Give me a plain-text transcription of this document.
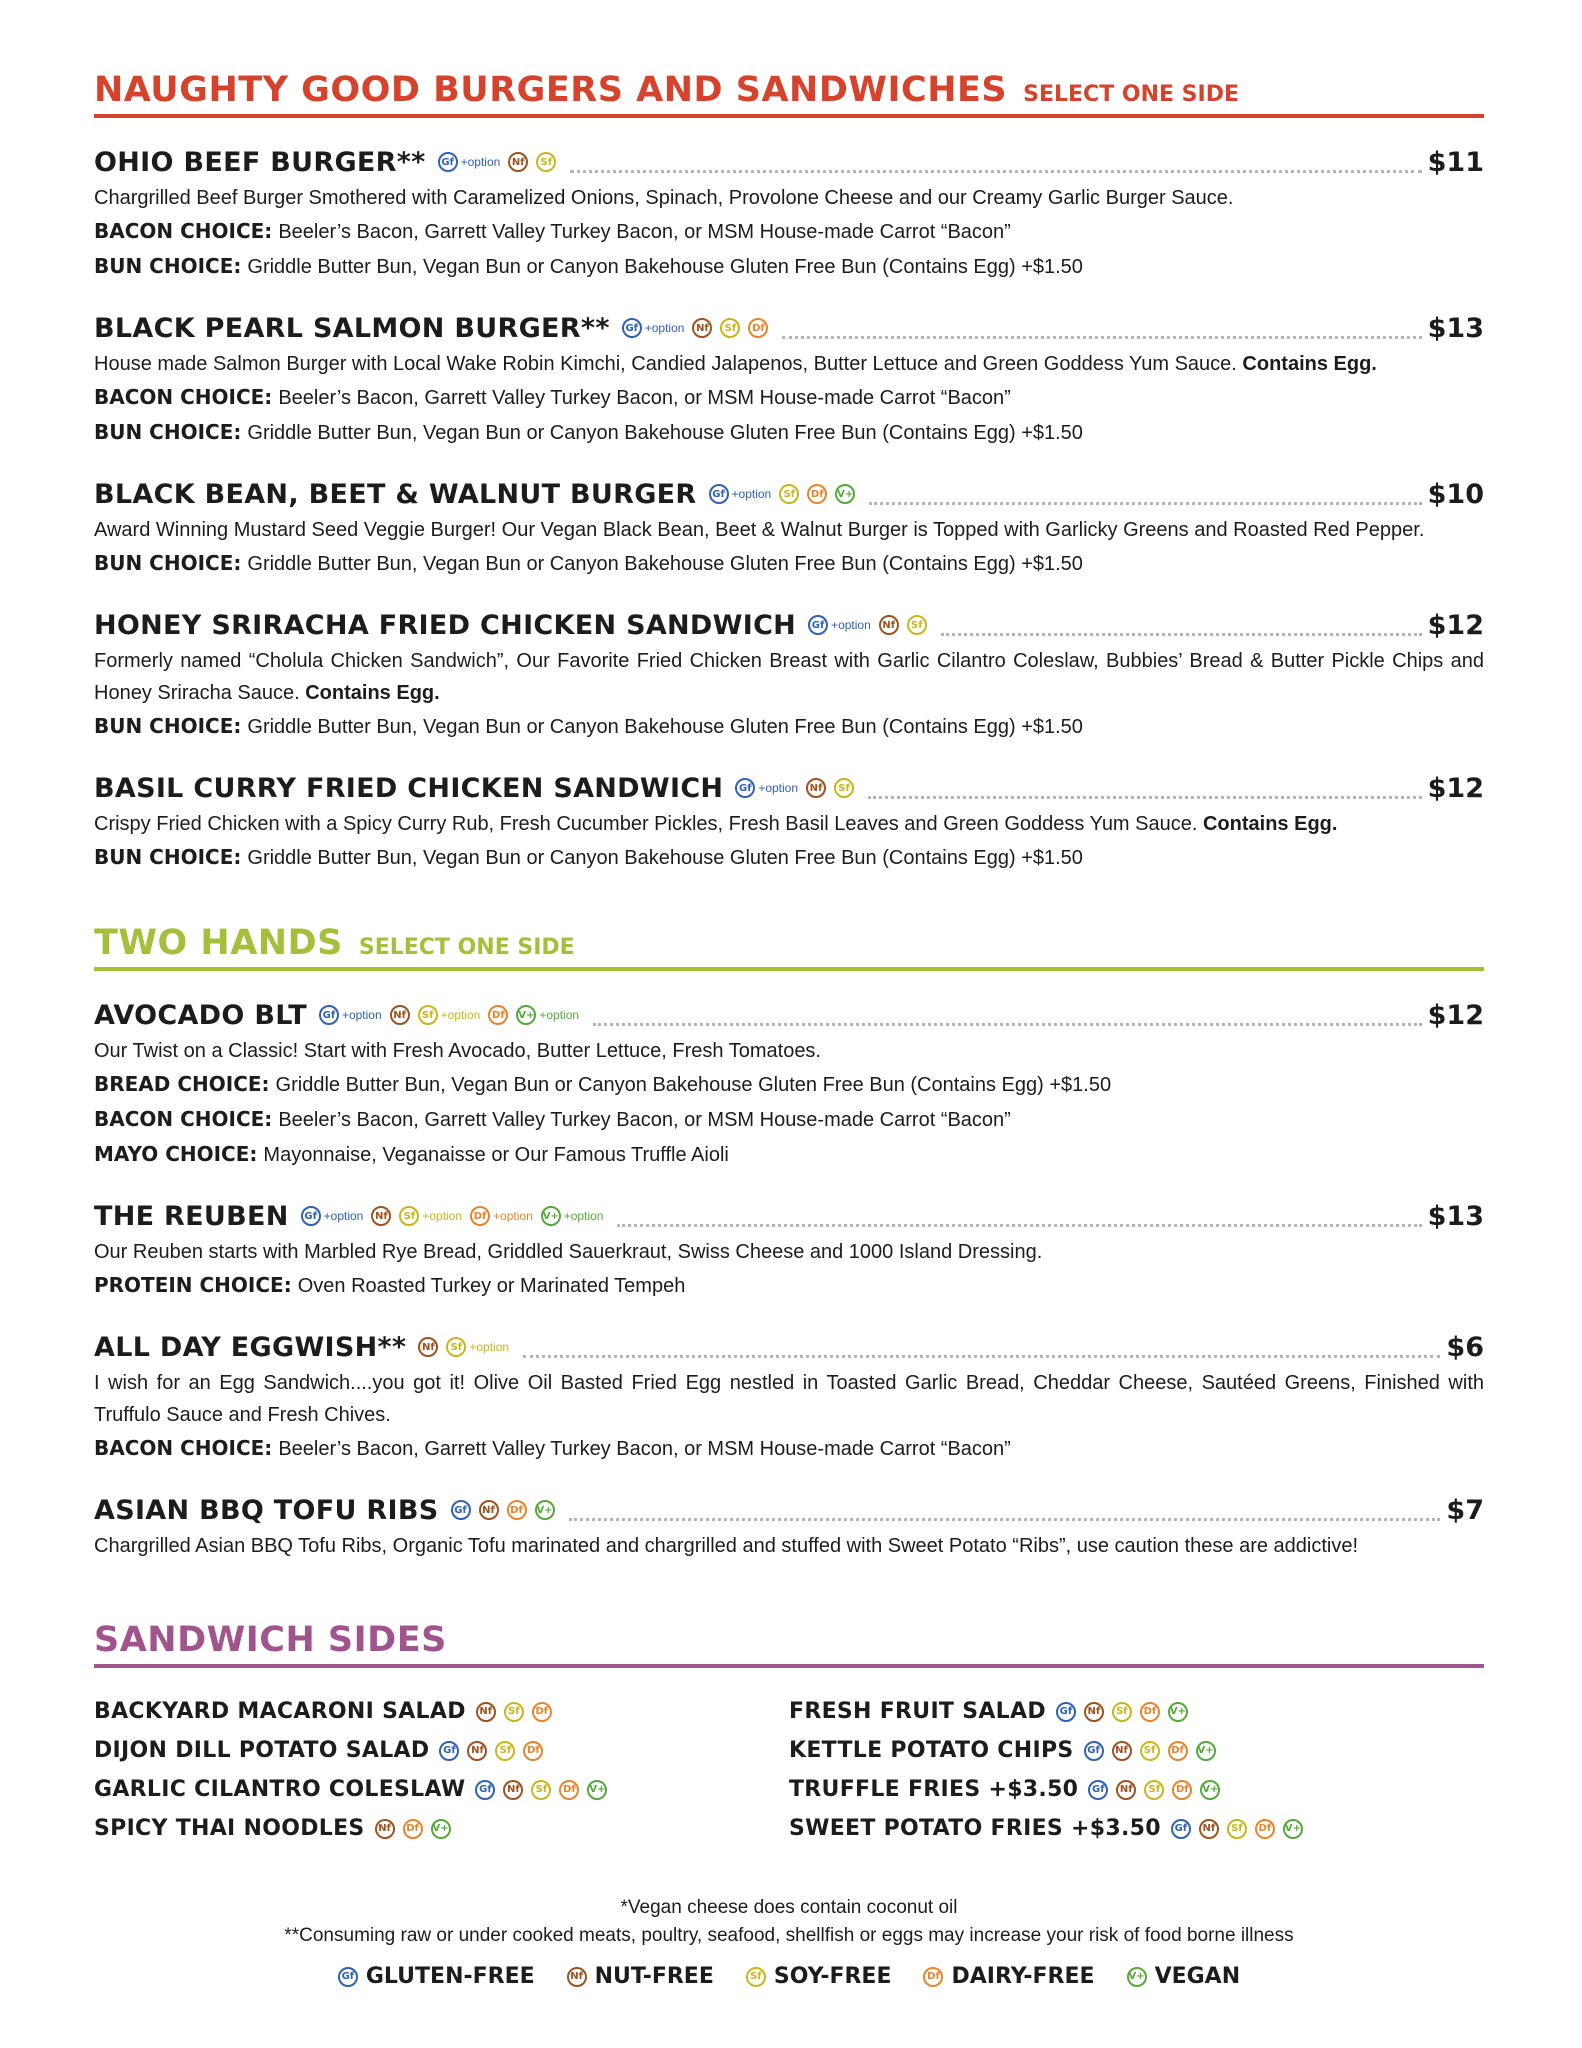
NAUGHTY GOOD BURGERS AND SANDWICHES SELECT ONE SIDE
OHIO BEEF BURGER**	Gf +option	Nf	Sf	$11
Chargrilled Beef Burger Smothered with Caramelized Onions, Spinach, Provolone Cheese and our Creamy Garlic Burger Sauce.
BACON CHOICE: Beeler’s Bacon, Garrett Valley Turkey Bacon, or MSM House-made Carrot “Bacon”
BUN CHOICE: Griddle Butter Bun, Vegan Bun or Canyon Bakehouse Gluten Free Bun (Contains Egg) +$1.50
BLACK PEARL SALMON BURGER**	Gf +option	Nf	Sf	Df	$13
House made Salmon Burger with Local Wake Robin Kimchi, Candied Jalapenos, Butter Lettuce and Green Goddess Yum Sauce. Contains Egg.
BACON CHOICE: Beeler’s Bacon, Garrett Valley Turkey Bacon, or MSM House-made Carrot “Bacon”
BUN CHOICE: Griddle Butter Bun, Vegan Bun or Canyon Bakehouse Gluten Free Bun (Contains Egg) +$1.50
BLACK BEAN, BEET & WALNUT BURGER	Gf +option	Sf	Df	V+	$10
Award Winning Mustard Seed Veggie Burger! Our Vegan Black Bean, Beet & Walnut Burger is Topped with Garlicky Greens and Roasted Red Pepper.
BUN CHOICE: Griddle Butter Bun, Vegan Bun or Canyon Bakehouse Gluten Free Bun (Contains Egg) +$1.50
HONEY SRIRACHA FRIED CHICKEN SANDWICH	Gf +option	Nf	Sf	$12
Formerly named “Cholula Chicken Sandwich”, Our Favorite Fried Chicken Breast with Garlic Cilantro Coleslaw, Bubbies’ Bread & Butter Pickle Chips and Honey Sriracha Sauce. Contains Egg.
BUN CHOICE: Griddle Butter Bun, Vegan Bun or Canyon Bakehouse Gluten Free Bun (Contains Egg) +$1.50
BASIL CURRY FRIED CHICKEN SANDWICH	Gf +option	Nf	Sf	$12
Crispy Fried Chicken with a Spicy Curry Rub, Fresh Cucumber Pickles, Fresh Basil Leaves and Green Goddess Yum Sauce. Contains Egg.
BUN CHOICE: Griddle Butter Bun, Vegan Bun or Canyon Bakehouse Gluten Free Bun (Contains Egg) +$1.50
TWO HANDS SELECT ONE SIDE
AVOCADO BLT	Gf +option	Nf	Sf +option	Df	V+ +option	$12
Our Twist on a Classic! Start with Fresh Avocado, Butter Lettuce, Fresh Tomatoes.
BREAD CHOICE: Griddle Butter Bun, Vegan Bun or Canyon Bakehouse Gluten Free Bun (Contains Egg) +$1.50
BACON CHOICE: Beeler’s Bacon, Garrett Valley Turkey Bacon, or MSM House-made Carrot “Bacon”
MAYO CHOICE: Mayonnaise, Veganaisse or Our Famous Truffle Aioli
THE REUBEN	Gf +option	Nf	Sf +option	Df +option V+ +option	$13
Our Reuben starts with Marbled Rye Bread, Griddled Sauerkraut, Swiss Cheese and 1000 Island Dressing.
PROTEIN CHOICE: Oven Roasted Turkey or Marinated Tempeh
ALL DAY EGGWISH**	Nf	Sf +option	$6
I wish for an Egg Sandwich....you got it! Olive Oil Basted Fried Egg nestled in Toasted Garlic Bread, Cheddar Cheese, Sautéed Greens, Finished with Truffulo Sauce and Fresh Chives.
BACON CHOICE: Beeler’s Bacon, Garrett Valley Turkey Bacon, or MSM House-made Carrot “Bacon”
ASIAN BBQ TOFU RIBS	Gf	Nf	Df	V+	$7
Chargrilled Asian BBQ Tofu Ribs, Organic Tofu marinated and chargrilled and stuffed with Sweet Potato “Ribs”, use caution these are addictive!
SANDWICH SIDES
BACKYARD MACARONI SALAD	Nf	Sf	Df
DIJON DILL POTATO SALAD	Gf	Nf	Sf	Df
GARLIC CILANTRO COLESLAW	Gf	Nf	Sf	Df	V+
SPICY THAI NOODLES	Nf	Df	V+
FRESH FRUIT SALAD	Gf	Nf	Sf	Df	V+
KETTLE POTATO CHIPS	Gf	Nf	Sf	Df	V+
TRUFFLE FRIES +$3.50	Gf	Nf	Sf	Df	V+
SWEET POTATO FRIES +$3.50	Gf	Nf	Sf	Df	V+
*Vegan cheese does contain coconut oil
**Consuming raw or under cooked meats, poultry, seafood, shellfish or eggs may increase your risk of food borne illness
Gf GLUTEN-FREE	Nf NUT-FREE	Sf SOY-FREE	Df DAIRY-FREE	V+ VEGAN
